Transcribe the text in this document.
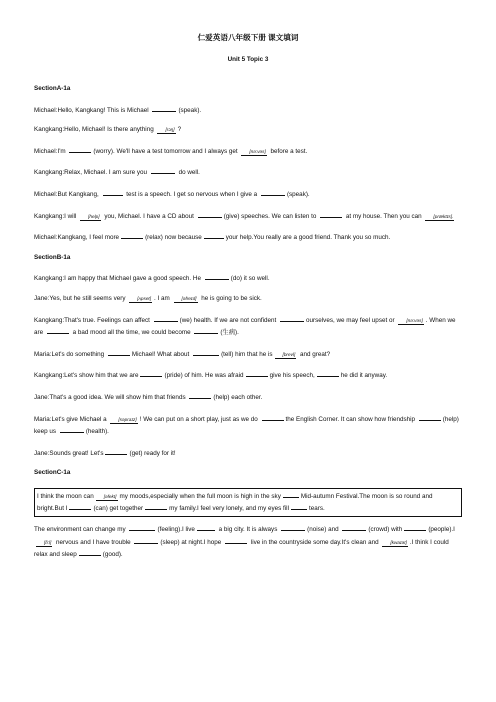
仁爱英语八年级下册 课文填词
Unit 5 Topic 3
SectionA-1a
Michael:Hello, Kangkang! This is Michael	(speak).
Kangkang:Hello, Michael! Is there anything	[rɔŋ] ?
Michael:I'm	(worry). We'll have a test tomorrow and I always get	[nə:vəs] before a test.
Kangkang:Relax, Michael. I am sure you	do well.
Michael:But Kangkang,	test is a speech. I get so nervous when I give a	(speak).
Kangkang:I will	[help] you, Michael. I have a CD about	(give) speeches. We can listen to	at my house. Then you can	[præktɪs].
Michael:Kangkang, I feel more	(relax) now because	your help.You really are a good friend. Thank you so much.
SectionB-1a
Kangkang:I am happy that Michael gave a good speech. He	(do) it so well.
Jane:Yes, but he still seems very	[ʌpset] . I am	[əfreɪd] he is going to be sick.
Kangkang:That's true. Feelings can affect	(we) health. If we are not confident	ourselves, we may feel upset or	[nə:vəs] . When we are	a bad mood all the time, we could become	(生病).
Maria:Let's do something	Michael! What about	(tell) him that he is [brevl] and great?
Kangkang:Let's show him that we are	(pride) of him. He was afraid	give his speech,	he did it anyway.
Jane:That's a good idea. We will show him that friends	(help) each other.
Maria:Let's give Michael a	[səpraɪz] ! We can put on a short play, just as we do	the English Corner. It can show how friendship	(help) keep us	(health).
Jane:Sounds great! Let's	(get) ready for it!
SectionC-1a
I think the moon can [əfekt] my moods,especially when the full moon is high in the sky	Mid-autumn Festival.The moon is so round and bright.But I	(can) get together	my family.I feel very lonely, and my eyes fill	tears.
The environment can change my	(feeling).I live	a big city. It is always	(noise) and	(crowd) with	(people).I[fi:l] nervous and I have trouble	(sleep) at night.I hope	live in the countryside some day.It's clean and	[kwaɪət] .I think I could relax and sleep	(good).
